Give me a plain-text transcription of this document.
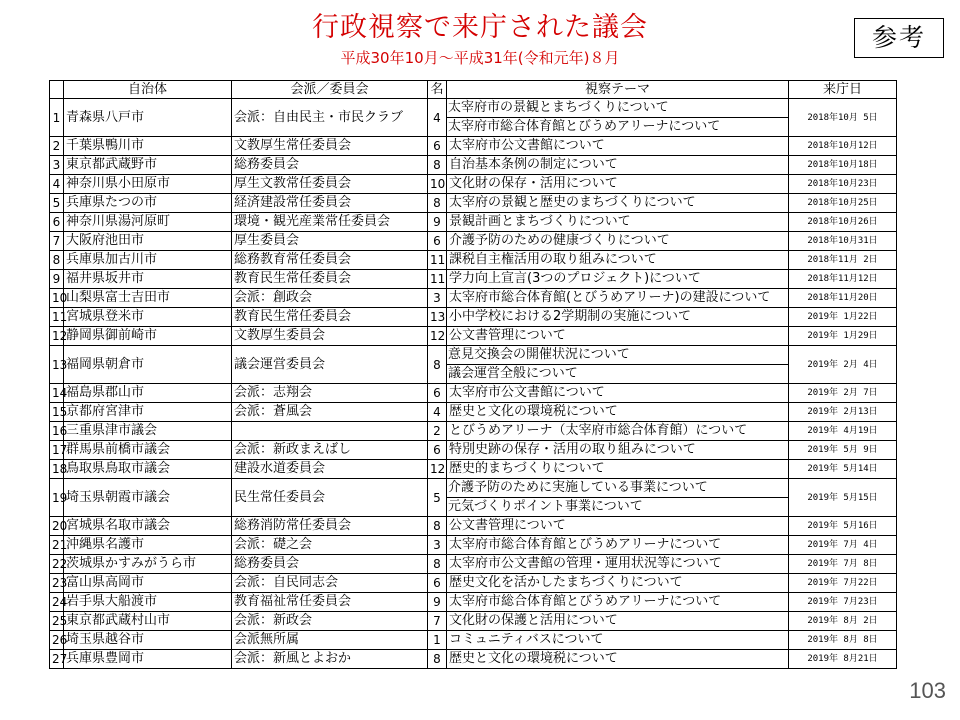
行政視察で来庁された議会
平成30年10月～平成31年(令和元年)８月
参考
	自治体	会派／委員会	名	視察テーマ	来庁日
1	青森県八戸市	会派：自由民主・市民クラブ	4	太宰府市の景観とまちづくりについて
太宰府市総合体育館とびうめアリーナについて	2018年10月 5日
2	千葉県鴨川市	文教厚生常任委員会	6	太宰府市公文書館について	2018年10月12日
3	東京都武蔵野市	総務委員会	8	自治基本条例の制定について	2018年10月18日
4	神奈川県小田原市	厚生文教常任委員会	10	文化財の保存・活用について	2018年10月23日
5	兵庫県たつの市	経済建設常任委員会	8	太宰府の景観と歴史のまちづくりについて	2018年10月25日
6	神奈川県湯河原町	環境・観光産業常任委員会	9	景観計画とまちづくりについて	2018年10月26日
7	大阪府池田市	厚生委員会	6	介護予防のための健康づくりについて	2018年10月31日
8	兵庫県加古川市	総務教育常任委員会	11	課税自主権活用の取り組みについて	2018年11月 2日
9	福井県坂井市	教育民生常任委員会	11	学力向上宣言(3つのプロジェクト)について	2018年11月12日
10	山梨県富士吉田市	会派：創政会	3	太宰府市総合体育館(とびうめアリーナ)の建設について	2018年11月20日
11	宮城県登米市	教育民生常任委員会	13	小中学校における2学期制の実施について	2019年 1月22日
12	静岡県御前崎市	文教厚生委員会	12	公文書管理について	2019年 1月29日
13	福岡県朝倉市	議会運営委員会	8	意見交換会の開催状況について
議会運営全般について	2019年 2月 4日
14	福島県郡山市	会派：志翔会	6	太宰府市公文書館について	2019年 2月 7日
15	京都府宮津市	会派：蒼風会	4	歴史と文化の環境税について	2019年 2月13日
16	三重県津市議会		2	とびうめアリーナ（太宰府市総合体育館）について	2019年 4月19日
17	群馬県前橋市議会	会派：新政まえばし	6	特別史跡の保存・活用の取り組みについて	2019年 5月 9日
18	鳥取県鳥取市議会	建設水道委員会	12	歴史的まちづくりについて	2019年 5月14日
19	埼玉県朝霞市議会	民生常任委員会	5	介護予防のために実施している事業について
元気づくりポイント事業について	2019年 5月15日
20	宮城県名取市議会	総務消防常任委員会	8	公文書管理について	2019年 5月16日
21	沖縄県名護市	会派：礎之会	3	太宰府市総合体育館とびうめアリーナについて	2019年 7月 4日
22	茨城県かすみがうら市	総務委員会	8	太宰府市公文書館の管理・運用状況等について	2019年 7月 8日
23	富山県高岡市	会派：自民同志会	6	歴史文化を活かしたまちづくりについて	2019年 7月22日
24	岩手県大船渡市	教育福祉常任委員会	9	太宰府市総合体育館とびうめアリーナについて	2019年 7月23日
25	東京都武蔵村山市	会派：新政会	7	文化財の保護と活用について	2019年 8月 2日
26	埼玉県越谷市	会派無所属	1	コミュニティバスについて	2019年 8月 8日
27	兵庫県豊岡市	会派：新風とよおか	8	歴史と文化の環境税について	2019年 8月21日
103
